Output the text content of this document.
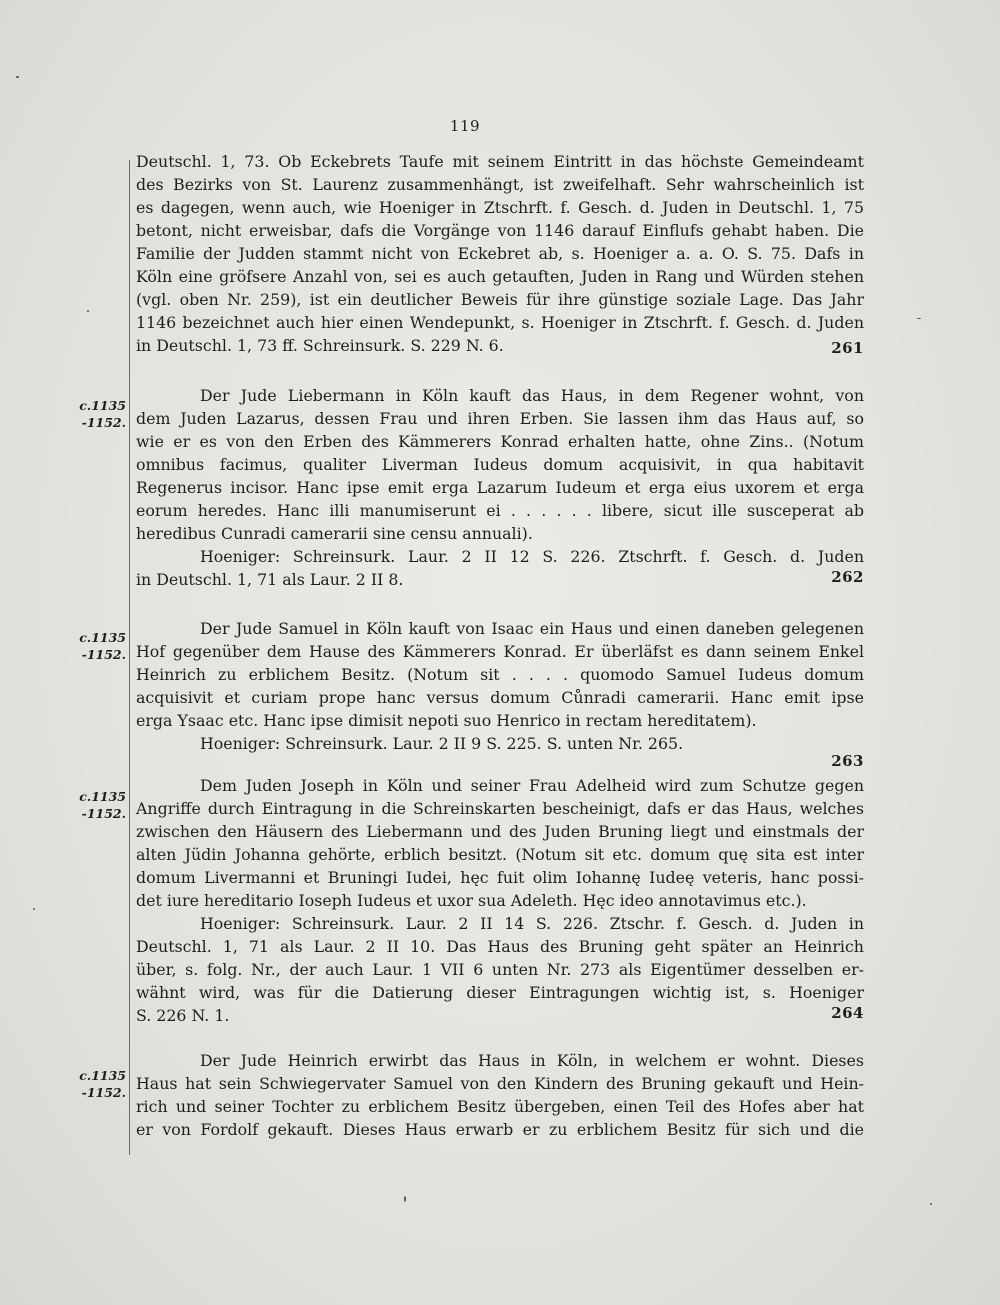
119
Deutschl. 1, 73. Ob Eckebrets Taufe mit seinem Eintritt in das höchste Gemeindeamt
des Bezirks von St. Laurenz zusammenhängt, ist zweifelhaft. Sehr wahrscheinlich ist
es dagegen, wenn auch, wie Hoeniger in Ztschrft. f. Gesch. d. Juden in Deutschl. 1, 75
betont, nicht erweisbar, dafs die Vorgänge von 1146 darauf Einflufs gehabt haben. Die
Familie der Judden stammt nicht von Eckebret ab, s. Hoeniger a. a. O. S. 75. Dafs in
Köln eine gröfsere Anzahl von, sei es auch getauften, Juden in Rang und Würden stehen
(vgl. oben Nr. 259), ist ein deutlicher Beweis für ihre günstige soziale Lage. Das Jahr
1146 bezeichnet auch hier einen Wendepunkt, s. Hoeniger in Ztschrft. f. Gesch. d. Juden
in Deutschl. 1, 73 ff. Schreinsurk. S. 229 N. 6.	261
c.1135 -1152.
Der Jude Liebermann in Köln kauft das Haus, in dem Regener wohnt, von
dem Juden Lazarus, dessen Frau und ihren Erben. Sie lassen ihm das Haus auf, so
wie er es von den Erben des Kämmerers Konrad erhalten hatte, ohne Zins.. (Notum
omnibus facimus, qualiter Liverman Iudeus domum acquisivit, in qua habitavit
Regenerus incisor. Hanc ipse emit erga Lazarum Iudeum et erga eius uxorem et erga
eorum heredes. Hanc illi manumiserunt ei . . . . . . libere, sicut ille susceperat ab
heredibus Cunradi camerarii sine censu annuali).
Hoeniger: Schreinsurk. Laur. 2 II 12 S. 226. Ztschrft. f. Gesch. d. Juden
in Deutschl. 1, 71 als Laur. 2 II 8.	262
c.1135 -1152.
Der Jude Samuel in Köln kauft von Isaac ein Haus und einen daneben gelegenen
Hof gegenüber dem Hause des Kämmerers Konrad. Er überläfst es dann seinem Enkel
Heinrich zu erblichem Besitz. (Notum sit . . . . quomodo Samuel Iudeus domum
acquisivit et curiam prope hanc versus domum Cůnradi camerarii. Hanc emit ipse
erga Ysaac etc. Hanc ipse dimisit nepoti suo Henrico in rectam hereditatem).
Hoeniger: Schreinsurk. Laur. 2 II 9 S. 225. S. unten Nr. 265.
263
c.1135 -1152.
Dem Juden Joseph in Köln und seiner Frau Adelheid wird zum Schutze gegen
Angriffe durch Eintragung in die Schreinskarten bescheinigt, dafs er das Haus, welches
zwischen den Häusern des Liebermann und des Juden Bruning liegt und einstmals der
alten Jüdin Johanna gehörte, erblich besitzt. (Notum sit etc. domum quę sita est inter
domum Livermanni et Bruningi Iudei, hęc fuit olim Iohannę Iudeę veteris, hanc possi-
det iure hereditario Ioseph Iudeus et uxor sua Adeleth. Hęc ideo annotavimus etc.).
Hoeniger: Schreinsurk. Laur. 2 II 14 S. 226. Ztschr. f. Gesch. d. Juden in
Deutschl. 1, 71 als Laur. 2 II 10. Das Haus des Bruning geht später an Heinrich
über, s. folg. Nr., der auch Laur. 1 VII 6 unten Nr. 273 als Eigentümer desselben er-
wähnt wird, was für die Datierung dieser Eintragungen wichtig ist, s. Hoeniger
S. 226 N. 1.	264
c.1135 -1152.
Der Jude Heinrich erwirbt das Haus in Köln, in welchem er wohnt. Dieses
Haus hat sein Schwiegervater Samuel von den Kindern des Bruning gekauft und Hein-
rich und seiner Tochter zu erblichem Besitz übergeben, einen Teil des Hofes aber hat
er von Fordolf gekauft. Dieses Haus erwarb er zu erblichem Besitz für sich und die
